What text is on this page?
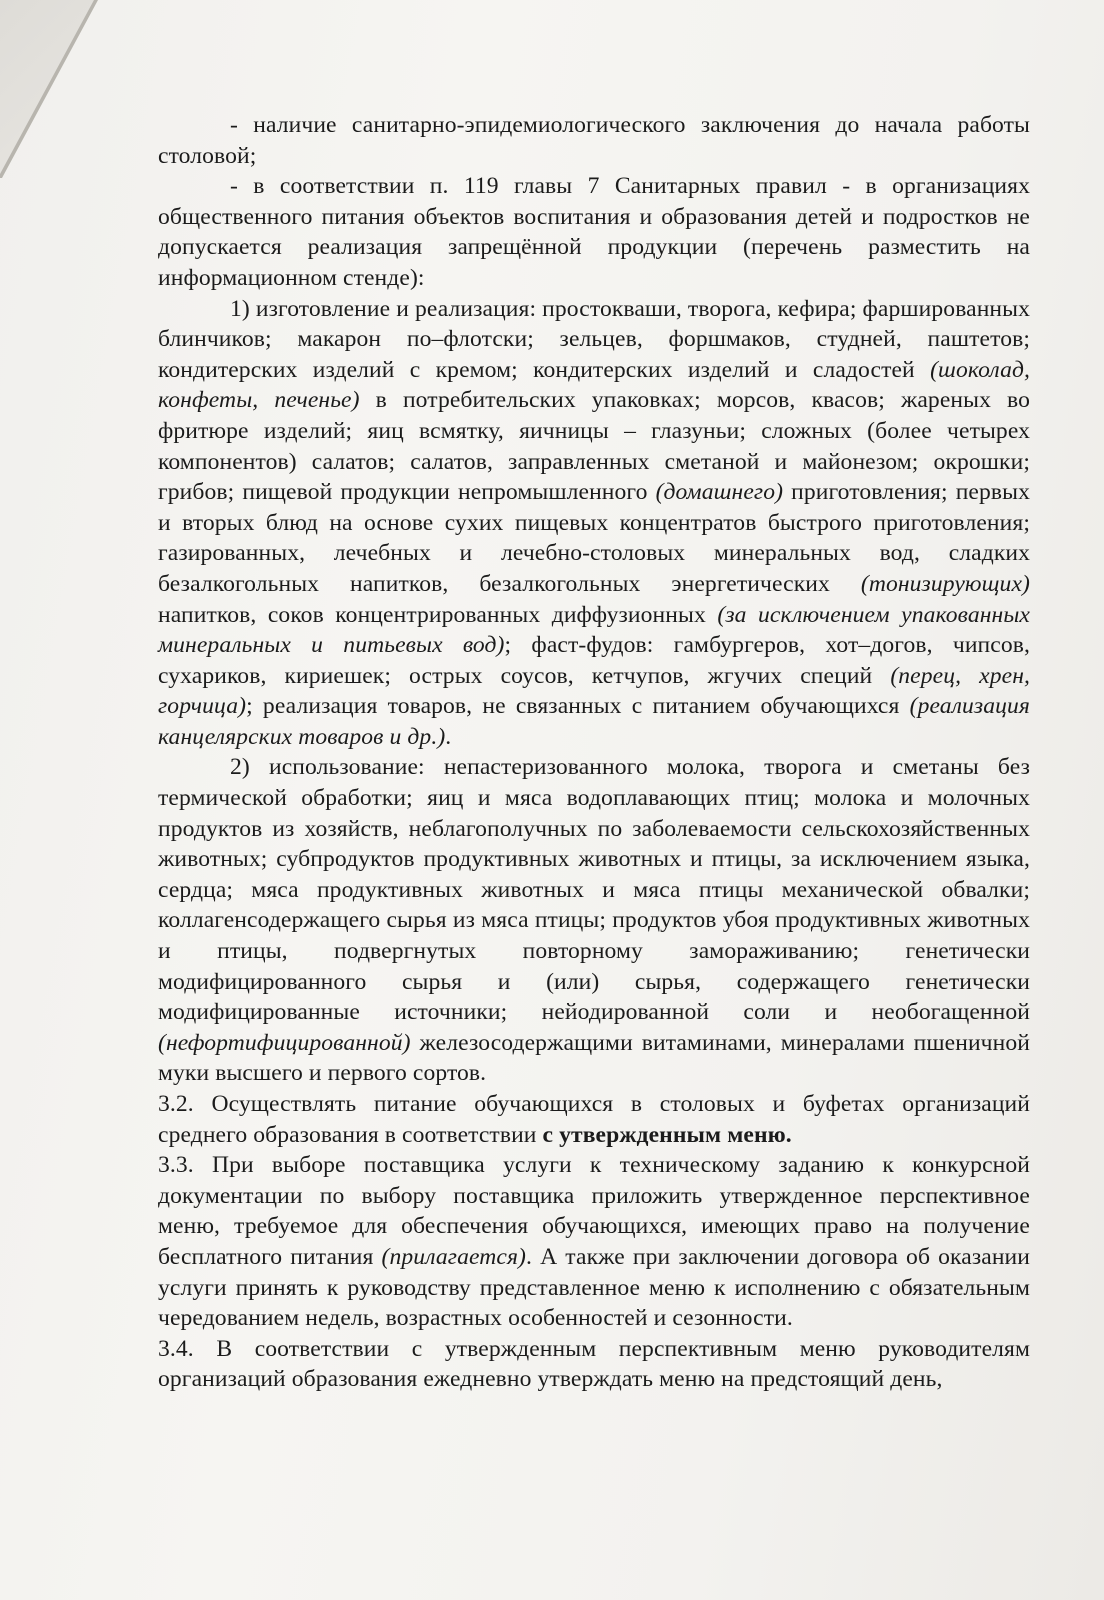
- наличие санитарно-эпидемиологического заключения до начала работы столовой;

- в соответствии п. 119 главы 7 Санитарных правил - в организациях общественного питания объектов воспитания и образования детей и подростков не допускается реализация запрещённой продукции (перечень разместить на информационном стенде):

1) изготовление и реализация: простокваши, творога, кефира; фаршированных блинчиков; макарон по–флотски; зельцев, форшмаков, студней, паштетов; кондитерских изделий с кремом; кондитерских изделий и сладостей (шоколад, конфеты, печенье) в потребительских упаковках; морсов, квасов; жареных во фритюре изделий; яиц всмятку, яичницы – глазуньи; сложных (более четырех компонентов) салатов; салатов, заправленных сметаной и майонезом; окрошки; грибов; пищевой продукции непромышленного (домашнего) приготовления; первых и вторых блюд на основе сухих пищевых концентратов быстрого приготовления; газированных, лечебных и лечебно-столовых минеральных вод, сладких безалкогольных напитков, безалкогольных энергетических (тонизирующих) напитков, соков концентрированных диффузионных (за исключением упакованных минеральных и питьевых вод); фаст-фудов: гамбургеров, хот–догов, чипсов, сухариков, кириешек; острых соусов, кетчупов, жгучих специй (перец, хрен, горчица); реализация товаров, не связанных с питанием обучающихся (реализация канцелярских товаров и др.).

2) использование: непастеризованного молока, творога и сметаны без термической обработки; яиц и мяса водоплавающих птиц; молока и молочных продуктов из хозяйств, неблагополучных по заболеваемости сельскохозяйственных животных; субпродуктов продуктивных животных и птицы, за исключением языка, сердца; мяса продуктивных животных и мяса птицы механической обвалки; коллагенсодержащего сырья из мяса птицы; продуктов убоя продуктивных животных и птицы, подвергнутых повторному замораживанию; генетически модифицированного сырья и (или) сырья, содержащего генетически модифицированные источники; нейодированной соли и необогащенной (нефортифицированной) железосодержащими витаминами, минералами пшеничной муки высшего и первого сортов.

3.2. Осуществлять питание обучающихся в столовых и буфетах организаций среднего образования в соответствии с утвержденным меню.

3.3. При выборе поставщика услуги к техническому заданию к конкурсной документации по выбору поставщика приложить утвержденное перспективное меню, требуемое для обеспечения обучающихся, имеющих право на получение бесплатного питания (прилагается). А также при заключении договора об оказании услуги принять к руководству представленное меню к исполнению с обязательным чередованием недель, возрастных особенностей и сезонности.

3.4. В соответствии с утвержденным перспективным меню руководителям организаций образования ежедневно утверждать меню на предстоящий день,
